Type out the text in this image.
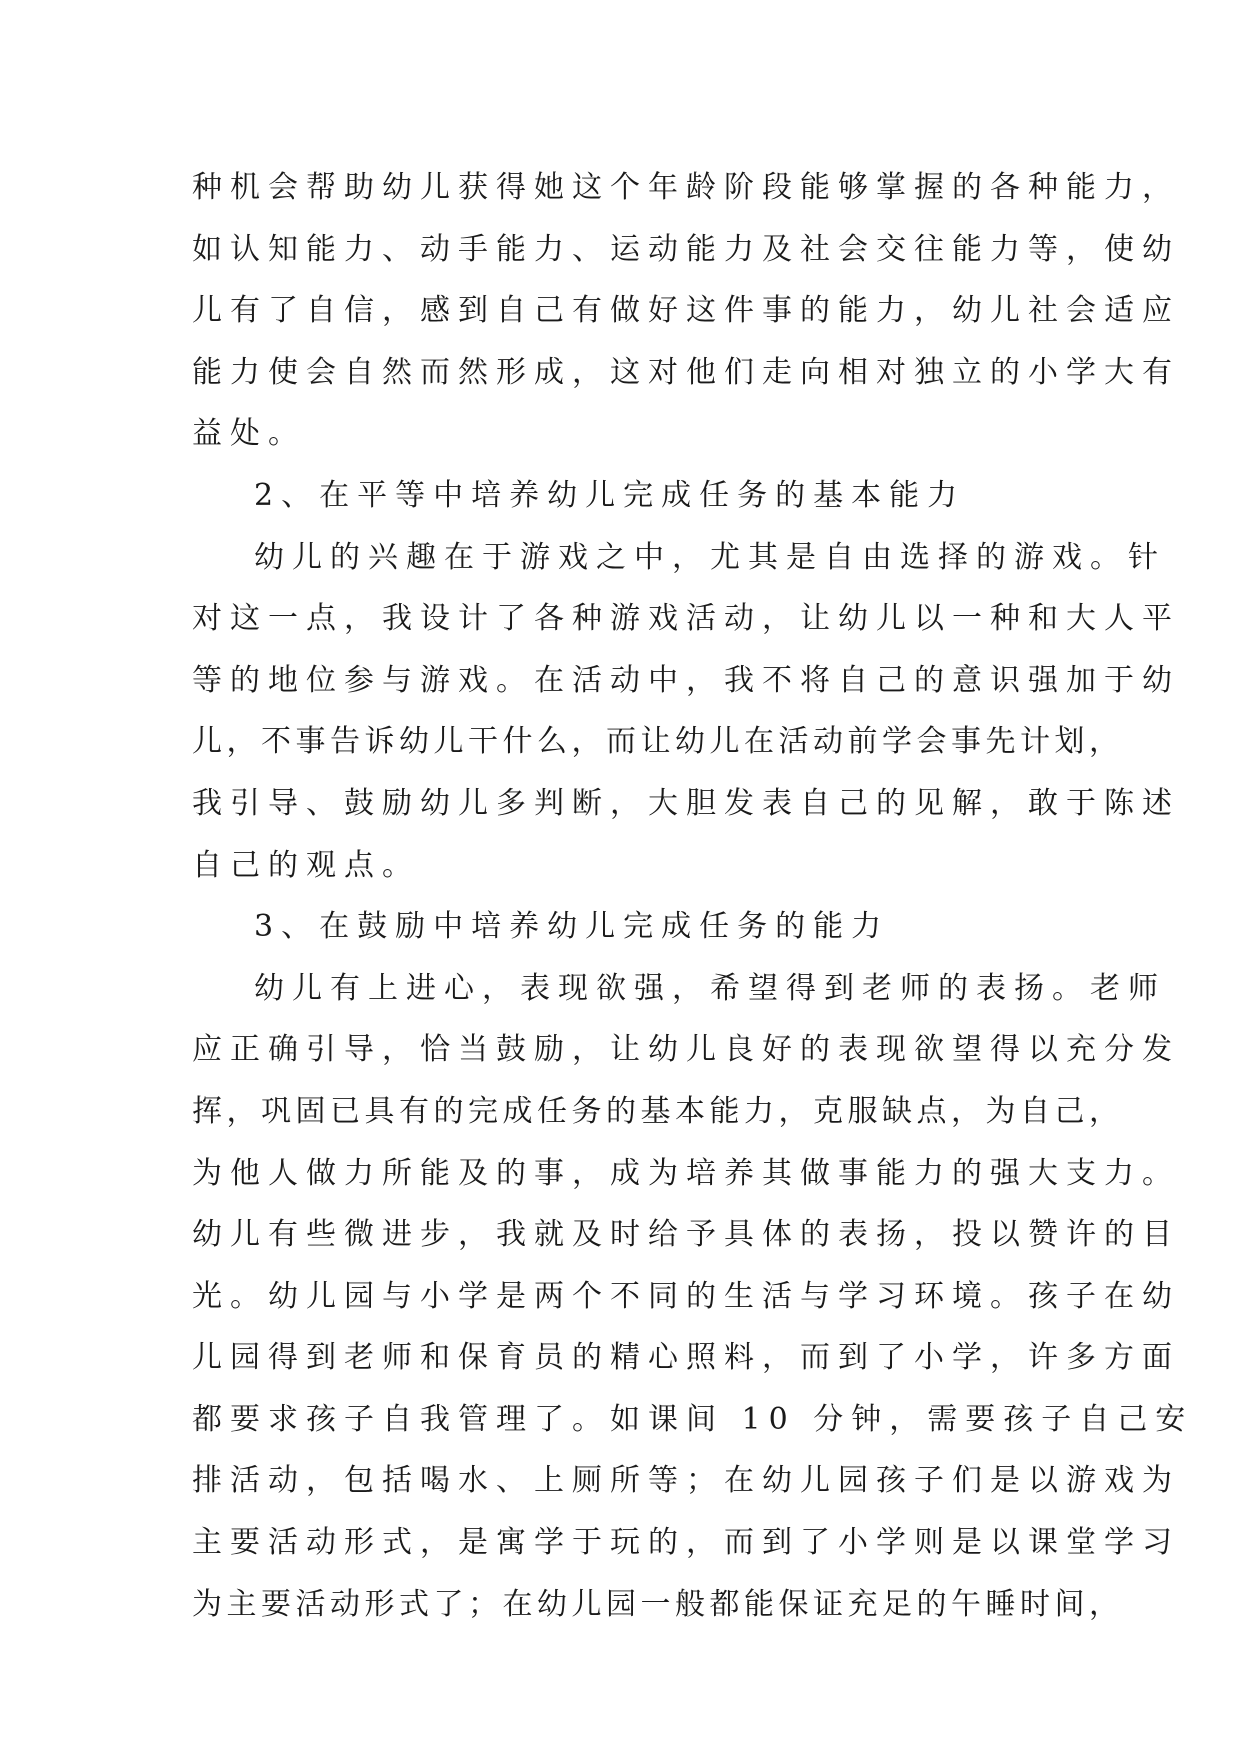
种机会帮助幼儿获得她这个年龄阶段能够掌握的各种能力，
如认知能力、动手能力、运动能力及社会交往能力等，使幼
儿有了自信，感到自己有做好这件事的能力，幼儿社会适应
能力使会自然而然形成，这对他们走向相对独立的小学大有
益处。
2、在平等中培养幼儿完成任务的基本能力
幼儿的兴趣在于游戏之中，尤其是自由选择的游戏。针
对这一点，我设计了各种游戏活动，让幼儿以一种和大人平
等的地位参与游戏。在活动中，我不将自己的意识强加于幼
儿，不事告诉幼儿干什么，而让幼儿在活动前学会事先计划，
我引导、鼓励幼儿多判断，大胆发表自己的见解，敢于陈述
自己的观点。
3、在鼓励中培养幼儿完成任务的能力
幼儿有上进心，表现欲强，希望得到老师的表扬。老师
应正确引导，恰当鼓励，让幼儿良好的表现欲望得以充分发
挥，巩固已具有的完成任务的基本能力，克服缺点，为自己，
为他人做力所能及的事，成为培养其做事能力的强大支力。
幼儿有些微进步，我就及时给予具体的表扬，投以赞许的目
光。幼儿园与小学是两个不同的生活与学习环境。孩子在幼
儿园得到老师和保育员的精心照料，而到了小学，许多方面
都要求孩子自我管理了。如课间 10 分钟，需要孩子自己安
排活动，包括喝水、上厕所等；在幼儿园孩子们是以游戏为
主要活动形式，是寓学于玩的，而到了小学则是以课堂学习
为主要活动形式了；在幼儿园一般都能保证充足的午睡时间，
